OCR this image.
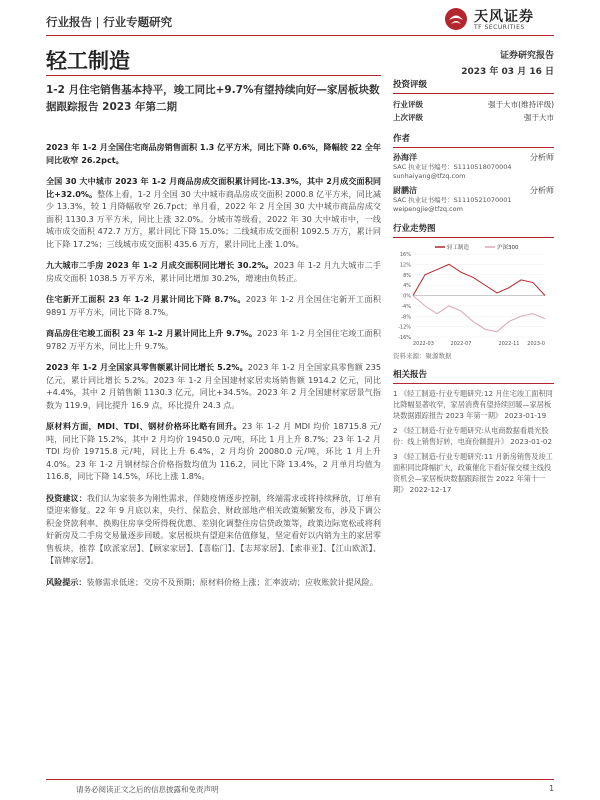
行业报告 | 行业专题研究	天风证券
TF SECURITIES
轻工制造	证券研究报告
2023 年 03 月 16 日
1-2 月住宅销售基本持平，竣工同比+9.7%有望持续向好—家居板块数据跟踪报告 2023 年第二期

2023 年 1-2 月全国住宅商品房销售面积 1.3 亿平方米，同比下降 0.6%，降幅较 22 全年同比收窄 26.2pct。

全国 30 大中城市 2023 年 1-2 月商品房成交面积累计同比-13.3%，其中 2月成交面积同比+32.0%。整体上看，1-2 月全国 30 大中城市商品房成交面积 2000.8 亿平方米，同比减少 13.3%，较 1 月降幅收窄 26.7pct；单月看，2022 年 2 月全国 30 大中城市商品房成交面积 1130.3 万平方米，同比上涨 32.0%。分城市等级看，2022 年 30 大中城市中，一线城市成交面积 472.7 万方，累计同比下降 15.0%；二线城市成交面积 1092.5 万方，累计同比下降 17.2%；三线城市成交面积 435.6 万方，累计同比上涨 1.0%。

九大城市二手房 2023 年 1-2 月成交面积同比增长 30.2%。2023 年 1-2 月九大城市二手房成交面积 1038.5 万平方米，累计同比增加 30.2%，增速由负转正。

住宅新开工面积 23 年 1-2 月累计同比下降 8.7%。2023 年 1-2 月全国住宅新开工面积 9891 万平方米，同比下降 8.7%。

商品房住宅竣工面积 23 年 1-2 月累计同比上升 9.7%。2023 年 1-2 月全国住宅竣工面积 9782 万平方米，同比上升 9.7%。

2023 年 1-2 月全国家具零售额累计同比增长 5.2%。2023 年 1-2 月全国家具零售额 235 亿元，累计同比增长 5.2%。2023 年 1-2 月全国建材家居卖场销售额 1914.2 亿元，同比+4.4%，其中 2 月销售额 1130.3 亿元，同比+34.5%。2023 年 2 月全国建材家居景气指数为 119.9，同比提升 16.9 点，环比提升 24.3 点。

原材料方面，MDI、TDI、钢材价格环比略有回升。23 年 1-2 月 MDI 均价 18715.8 元/吨，同比下降 15.2%，其中 2 月均价 19450.0 元/吨，环比 1 月上升 8.7%；23 年 1-2 月 TDI 均价 19715.8 元/吨，同比上升 6.4%，2 月均价 20080.0 元/吨，环比 1 月上升 4.0%。23 年 1-2 月钢材综合价格指数均值为 116.2，同比下降 13.4%，2 月单月均值为 116.8，同比下降 14.5%，环比上涨 1.8%。

投资建议：我们认为家装多为刚性需求，伴随疫情逐步控制，终端需求或将持续释放，订单有望迎来修复。22 年 9 月底以来，央行、保监会、财政部地产相关政策频繁发布，涉及下调公积金贷款利率、换购住房享受所得税优惠、差别化调整住房信贷政策等，政策边际宽松或将利好新房及二手房交易量逐步回暖。家居板块有望迎来估值修复，坚定看好以内销为主的家居零售板块，推荐【欧派家居】、【顾家家居】、【喜临门】、【志邦家居】、【索菲亚】、【江山欧派】、【箭牌家居】。

风险提示：装修需求低迷；交房不及预期；原材料价格上涨；汇率波动；应收账款计提风险。

投资评级
行业评级	强于大市(维持评级)
上次评级	强于大市
作者
孙海洋	分析师
SAC 执业证书编号：S1110518070004
sunhaiyang@tfzq.com
尉鹏洁	分析师
SAC 执业证书编号：S1110521070001
weipengjie@tfzq.com
行业走势图
-16%
-12%
-8%
-4%
0%
4%
8%
12%
16%
2022-03	2022-07	2022-11 2023-0
轻工制造	沪深300
资料来源：聚源数据
相关报告
1 《轻工制造-行业专题研究:12 月住宅竣工面积同比降幅显著收窄，家居消费有望持续回暖—家居板块数据跟踪报告 2023 年第一期》 2023-01-19
2 《轻工制造-行业专题研究:从电商数据看晨光股份：线上销售好转，电商份额提升》 2023-01-02
3 《轻工制造-行业专题研究:11 月新房销售及竣工面积同比降幅扩大，政策催化下看好保交楼主线投资机会—家居板块数据跟踪报告 2022 年第十一期》 2022-12-17
请务必阅读正文之后的信息披露和免责声明	1
